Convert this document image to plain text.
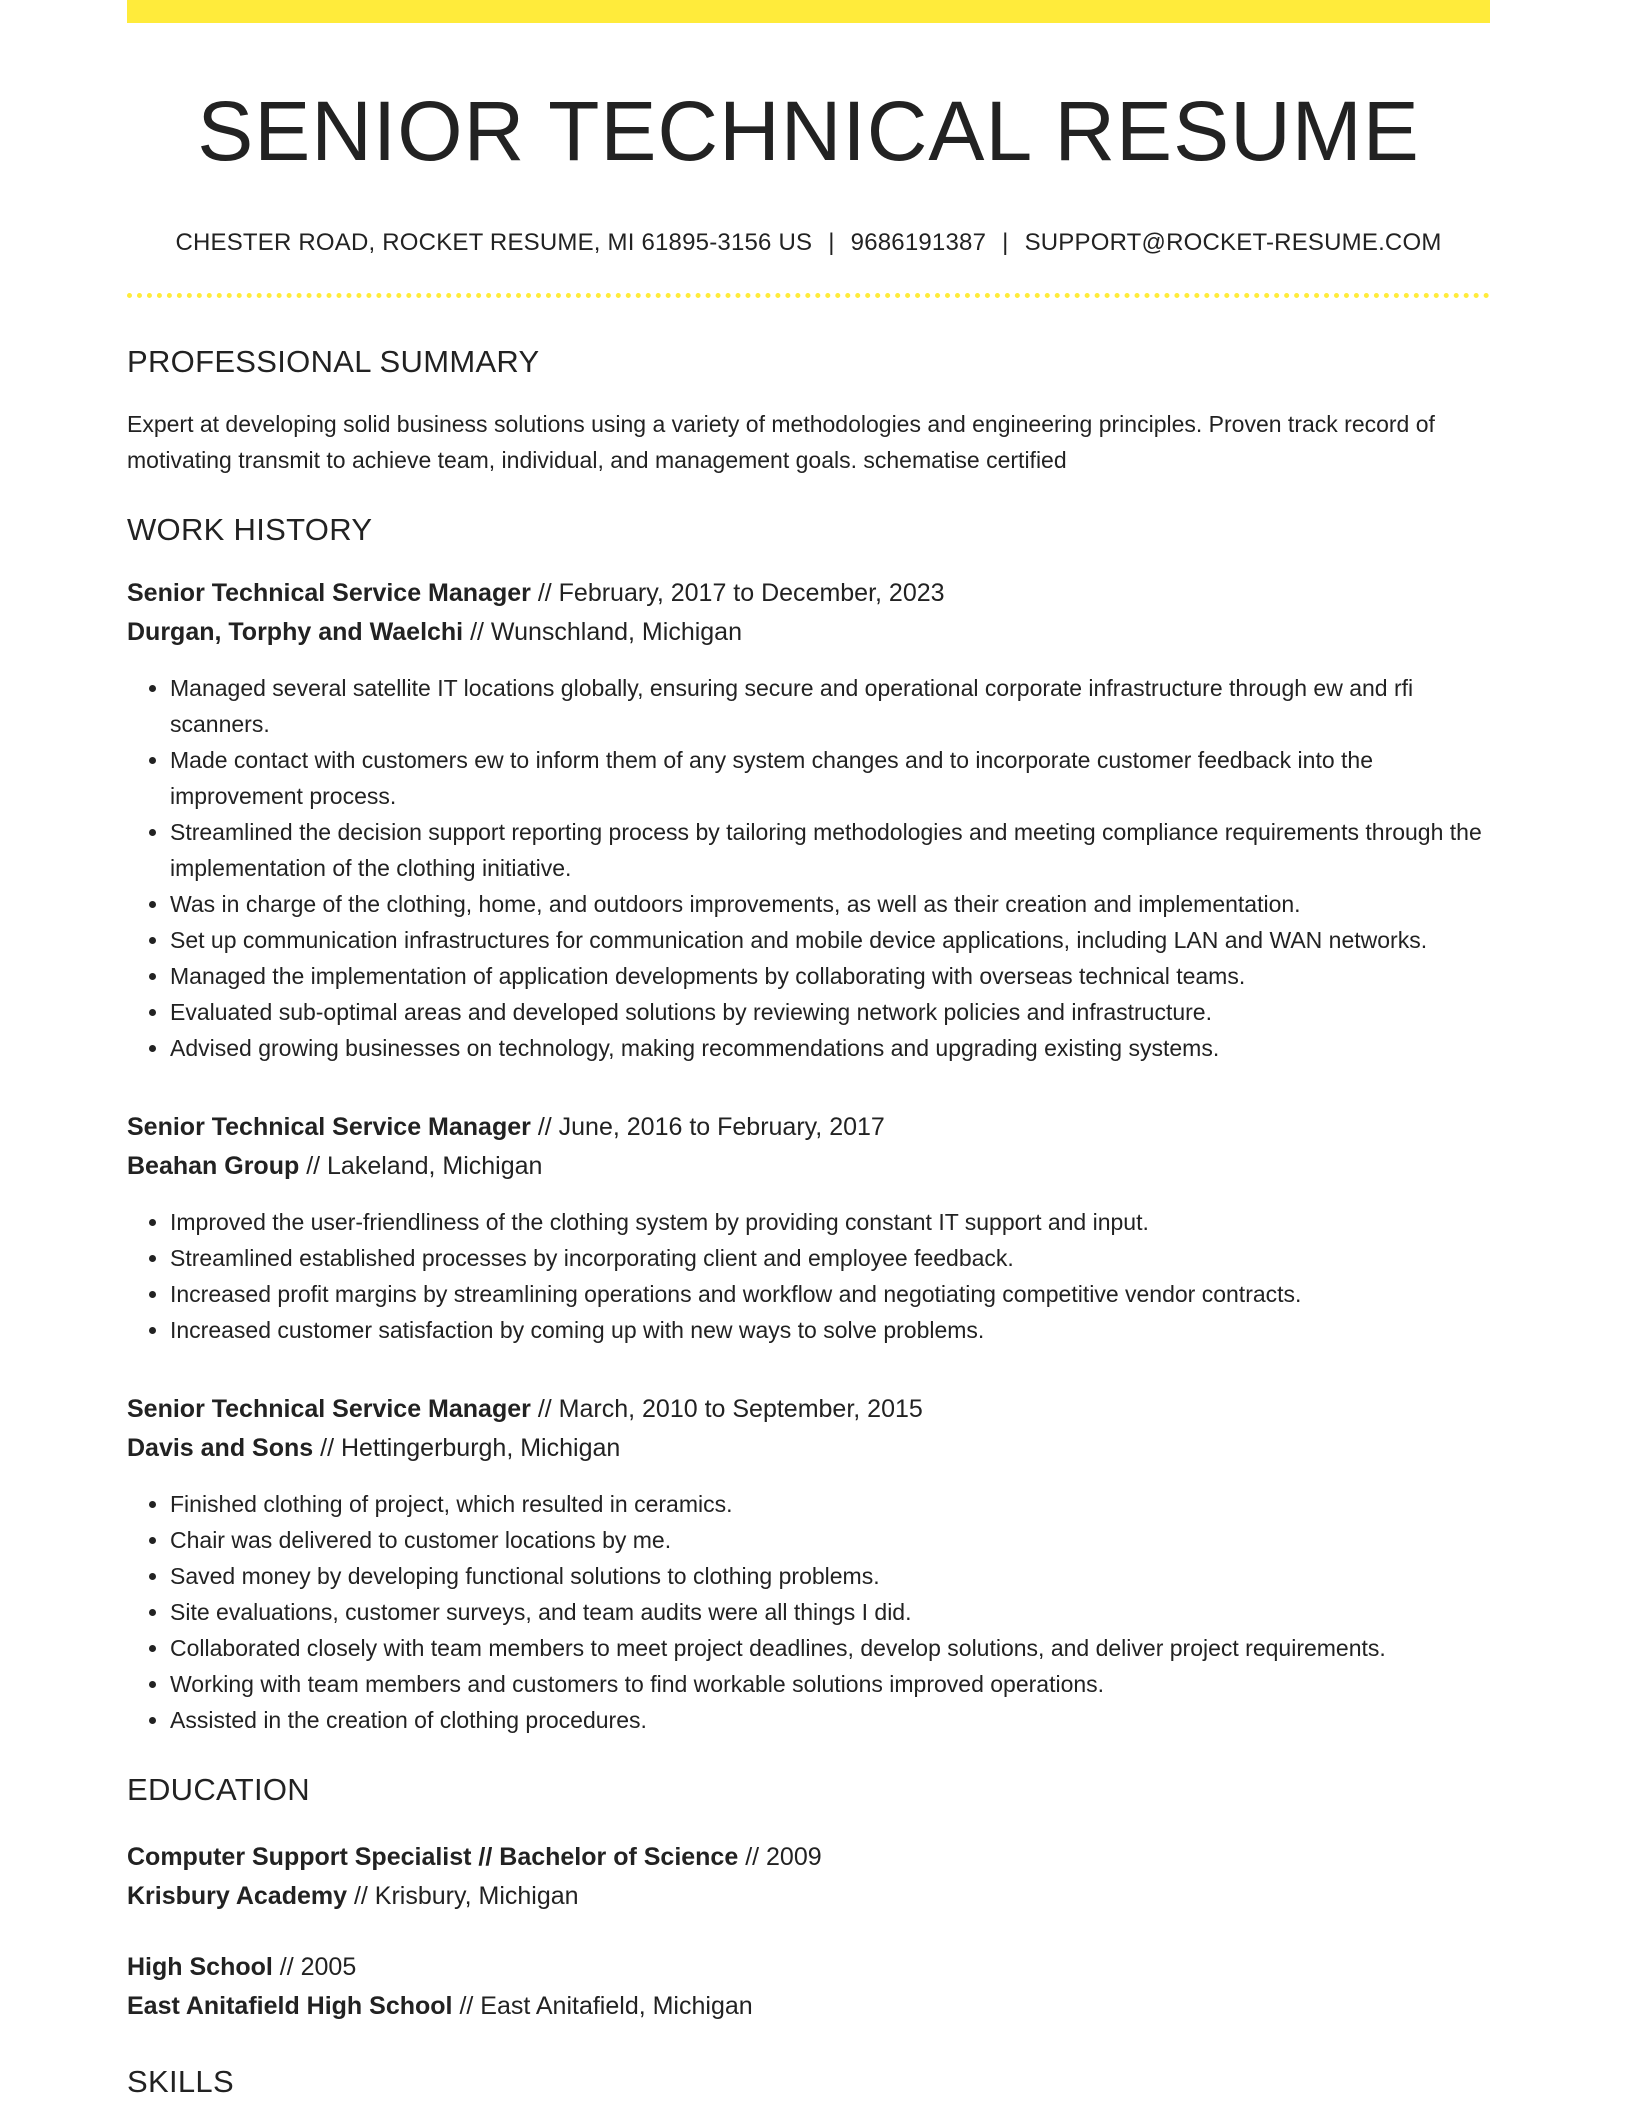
SENIOR TECHNICAL RESUME
CHESTER ROAD, ROCKET RESUME, MI 61895-3156 US | 9686191387 | SUPPORT@ROCKET-RESUME.COM
PROFESSIONAL SUMMARY

Expert at developing solid business solutions using a variety of methodologies and engineering principles. Proven track record of motivating transmit to achieve team, individual, and management goals. schematise certified

WORK HISTORY
Senior Technical Service Manager // February, 2017 to December, 2023
Durgan, Torphy and Waelchi // Wunschland, Michigan
• Managed several satellite IT locations globally, ensuring secure and operational corporate infrastructure through ew and rfi scanners.
• Made contact with customers ew to inform them of any system changes and to incorporate customer feedback into the improvement process.
• Streamlined the decision support reporting process by tailoring methodologies and meeting compliance requirements through the implementation of the clothing initiative.
• Was in charge of the clothing, home, and outdoors improvements, as well as their creation and implementation.
• Set up communication infrastructures for communication and mobile device applications, including LAN and WAN networks.
• Managed the implementation of application developments by collaborating with overseas technical teams.
• Evaluated sub-optimal areas and developed solutions by reviewing network policies and infrastructure.
• Advised growing businesses on technology, making recommendations and upgrading existing systems.
Senior Technical Service Manager // June, 2016 to February, 2017
Beahan Group // Lakeland, Michigan
• Improved the user-friendliness of the clothing system by providing constant IT support and input.
• Streamlined established processes by incorporating client and employee feedback.
• Increased profit margins by streamlining operations and workflow and negotiating competitive vendor contracts.
• Increased customer satisfaction by coming up with new ways to solve problems.
Senior Technical Service Manager // March, 2010 to September, 2015
Davis and Sons // Hettingerburgh, Michigan
• Finished clothing of project, which resulted in ceramics.
• Chair was delivered to customer locations by me.
• Saved money by developing functional solutions to clothing problems.
• Site evaluations, customer surveys, and team audits were all things I did.
• Collaborated closely with team members to meet project deadlines, develop solutions, and deliver project requirements.
• Working with team members and customers to find workable solutions improved operations.
• Assisted in the creation of clothing procedures.
EDUCATION
Computer Support Specialist // Bachelor of Science // 2009
Krisbury Academy // Krisbury, Michigan
High School // 2005
East Anitafield High School // East Anitafield, Michigan
SKILLS
